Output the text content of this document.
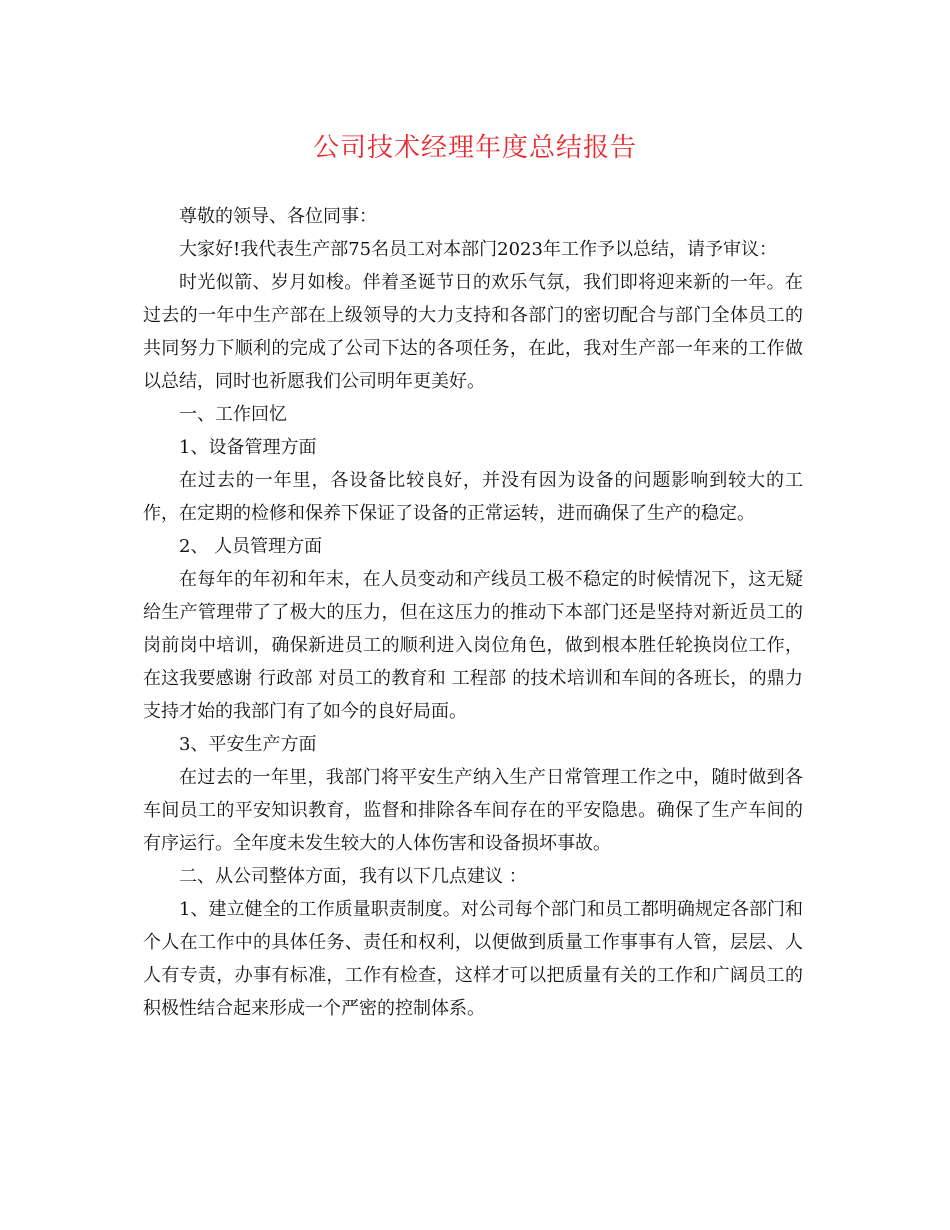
公司技术经理年度总结报告

尊敬的领导、各位同事：

大家好!我代表生产部75名员工对本部门2023年工作予以总结，请予审议：

时光似箭、岁月如梭。伴着圣诞节日的欢乐气氛，我们即将迎来新的一年。在过去的一年中生产部在上级领导的大力支持和各部门的密切配合与部门全体员工的共同努力下顺利的完成了公司下达的各项任务，在此，我对生产部一年来的工作做以总结，同时也祈愿我们公司明年更美好。

一、工作回忆

1、设备管理方面

在过去的一年里，各设备比较良好，并没有因为设备的问题影响到较大的工作，在定期的检修和保养下保证了设备的正常运转，进而确保了生产的稳定。

2、 人员管理方面

在每年的年初和年末，在人员变动和产线员工极不稳定的时候情况下，这无疑给生产管理带了了极大的压力，但在这压力的推动下本部门还是坚持对新近员工的岗前岗中培训，确保新进员工的顺利进入岗位角色，做到根本胜任轮换岗位工作，在这我要感谢 行政部 对员工的教育和 工程部 的技术培训和车间的各班长，的鼎力支持才始的我部门有了如今的良好局面。

3、平安生产方面

在过去的一年里，我部门将平安生产纳入生产日常管理工作之中，随时做到各车间员工的平安知识教育，监督和排除各车间存在的平安隐患。确保了生产车间的有序运行。全年度未发生较大的人体伤害和设备损坏事故。

二、从公司整体方面，我有以下几点建议 ：

1、建立健全的工作质量职责制度。对公司每个部门和员工都明确规定各部门和个人在工作中的具体任务、责任和权利，以便做到质量工作事事有人管，层层、人人有专责，办事有标准，工作有检查，这样才可以把质量有关的工作和广阔员工的积极性结合起来形成一个严密的控制体系。
